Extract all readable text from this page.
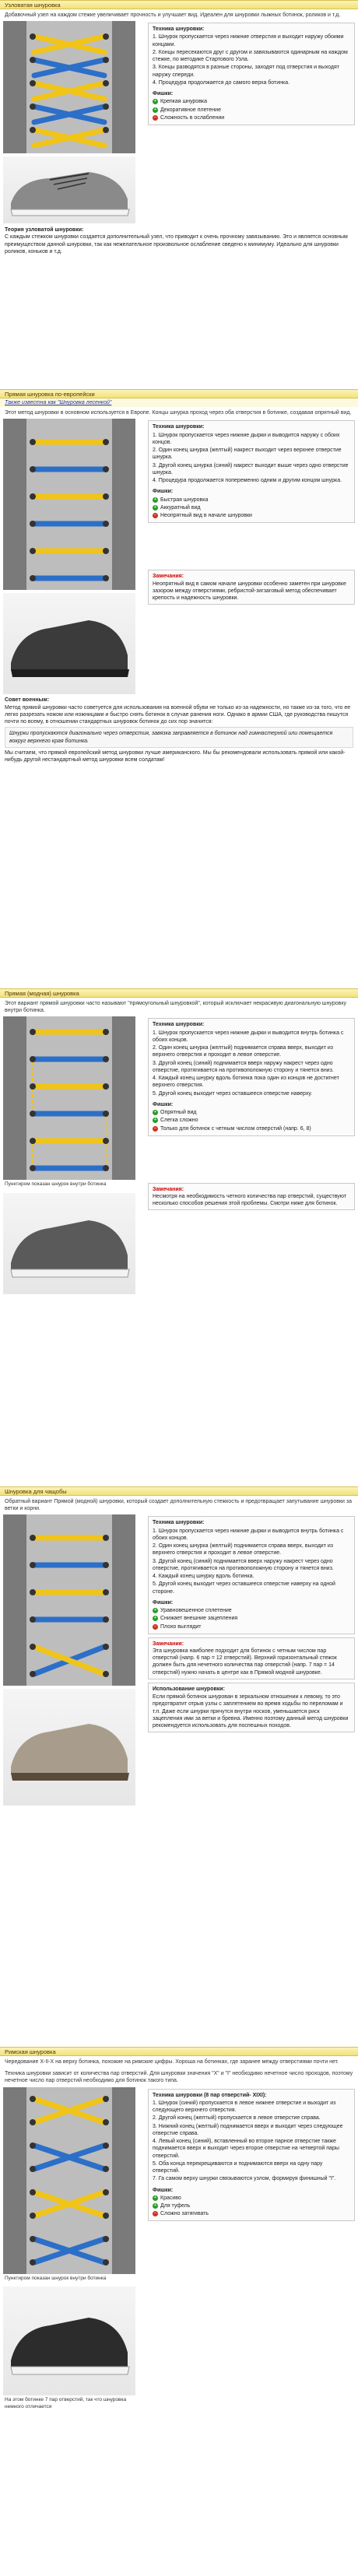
Узловатая шнуровка
Добавочный узел на каждом стежке увеличивает прочность и улучшает вид. Идеален для шнуровки лыжных ботинок, роликов и т.д.
Техника шнуровки:
1. Шнурок пропускается через нижние отверстия и выходит наружу обоими концами.
2. Концы пересекаются друг с другом и завязываются одинарным на каждом стежке, по методике Стартового Узла.
3. Концы разводятся в разные стороны, заходят под отверстия и выходят наружу спереди.
4. Процедура продолжается до самого верха ботинка.
Фишки:
+ Крепкая шнуровка
+ Декоративное плетение
− Сложность в ослаблении
Теория узловатой шнуровки:
С каждым стежком шнуровки создается дополнительный узел, что приводит к очень прочному завязыванию. Это и является основным преимуществом данной шнуровки, так как нежелательное произвольное ослабление сведено к минимуму. Идеально для шнуровки роликов, коньков и т.д.
Прямая шнуровка по-европейски
Также известна как "Шнуровка лесенкой"
Этот метод шнуровки в основном используется в Европе. Концы шнурка проход через оба отверстия в ботинке, создавая опрятный вид.
Техника шнуровки:
1. Шнурок пропускается через нижние дырки и выводится наружу с обоих концов.
2. Один конец шнурка (желтый) накрест выходит через верхнее отверстие шнурка.
3. Другой конец шнурка (синий) накрест выходит выше через одно отверстие шнурка.
4. Процедура продолжается попеременно одним и другим концом шнурка.
Фишки:
+ Быстрая шнуровка
+ Аккуратный вид
− Неопрятный вид в начале шнуровки
Замечания:
Неопрятный вид в самом начале шнуровки особенно заметен при шнуровке зазором между отверстиями, ребристой-зигзаговый метод обеспечивает крепость и надежность шнуровки.
Совет военным:
Метод прямой шнуровки часто советуется для использования на военной обуви не только из-за надежности, но также из-за того, что ее легко разрезать ножом или ножницами и быстро снять ботинок в случае ранения ноги. Однако в армии США, где руководства пишутся почти по всему, в отношении стандартных шнуровок ботинок до сих пор значится:
Шнурки пропускаются диагонально через отверстия, завязка заправляется в ботинок над гимнастерной или помещается вокруг верхнего края ботинка.
Мы считаем, что прямой европейский метод шнуровки лучше американского. Мы бы рекомендовали использовать прямой или какой-нибудь другой нестандартный метод шнуровки всем солдатам!
Прямая (модная) шнуровка
Этот вариант прямой шнуровки часто называют "прямоугольный шнуровкой", который исключает некрасивую диагональную шнуровку внутри ботинка.
Пунктиром показан шнурок внутри ботинка
Техника шнуровки:
1. Шнурок пропускается через нижние дырки и выводится внутрь ботинка с обоих концов.
2. Один конец шнурка (желтый) поднимается справа вверх, выходит из верхнего отверстия и проходит в левое отверстие.
3. Другой конец (синий) поднимается вверх наружу накрест через одно отверстие, протягивается на противоположную сторону и тянется вниз.
4. Каждый конец шнурку вдоль ботинка пока один из концов не достигнет верхнего отверстия.
5. Другой конец выходит через оставшееся отверстие наверху.
Фишки:
+ Опрятный вид
+ Слегка сложно
− Только для ботинок с четным числом отверстий (напр. 6, 8)
Замечания:
Несмотря на необходимость четного количества пар отверстий, существуют несколько способов решения этой проблемы. Смотри ниже для ботинок.
Шнуровка для чащобы
Обратный вариант Прямой (модной) шнуровки, который создает дополнительную стежкость и предотвращает запутывание шнуровки за ветки и корни.
Техника шнуровки:
1. Шнурок пропускается через нижние дырки и выводится внутрь ботинка с обоих концов.
2. Один конец шнурка (желтый) поднимается справа вверх, выходит из верхнего отверстия и проходит в левое отверстие.
3. Другой конец (синий) поднимается вверх наружу накрест через одно отверстие, протягивается на противоположную сторону и тянется вниз.
4. Каждый конец шнурку вдоль ботинка.
5. Другой конец выходит через оставшееся отверстие наверху на одной стороне.
Фишки:
+ Уравновешенное сплетение
+ Снижает внешние зацепления
− Плохо выглядит
Замечания:
Эта шнуровка наиболее подходит для ботинок с четным числом пар отверстий (напр. 6 пар = 12 отверстий). Верхний горизонтальный стежок должен быть для нечетного количества пар отверстий (напр. 7 пар = 14 отверстий) нужно начать в центре как в Прямой модной шнуровке.
Использование шнуровки:
Если прямой ботинок шнурован в зеркальном отношении к левому, то это предотвратит отрыв узлы с заплетением во время ходьбы по переломам и т.п. Даже если шнурки прячутся внутри носков, уменьшается риск зацепления ими за ветки и бревна. Именно поэтому данный метод шнуровки рекомендуется использовать для поспешных походов.
Римская шнуровка
Чередование X-II-X на верху ботинка, похожие на римские цифры. Хороша на ботинках, где заранее между отверстиями почти нет.
Техника шнуровки зависит от количества пар отверстий. Для шнуровки значения "X" и "I" необходимо нечетное число проходов, поэтому нечетное число пар отверстий необходимо для ботинок такого типа.
Пунктиром показан шнурок внутри ботинка
На этом ботинке 7 пар отверстий, так что шнуровка немного отличается
Техника шнуровки (8 пар отверстий- XIXI):
1. Шнурок (синий) пропускается в левое нижнее отверстие и выходит из следующего верхнего отверстия.
2. Другой конец (желтый) пропускается в левое отверстие справа.
3. Нижний конец (желтый) поднимается вверх и выходит через следующее отверстие справа.
4. Левый конец (синий), вставленный во второе парное отверстие также поднимается вверх и выходит через второе отверстие на четвертой пары отверстий.
5. Оба конца перекрещиваются и поднимаются вверх на одну пару отверстий.
7. Га самом верху шнурки связываются узлом, формируя финишный "I".
Фишки:
+ Красиво
+ Для туфель
− Сложно затягивать
